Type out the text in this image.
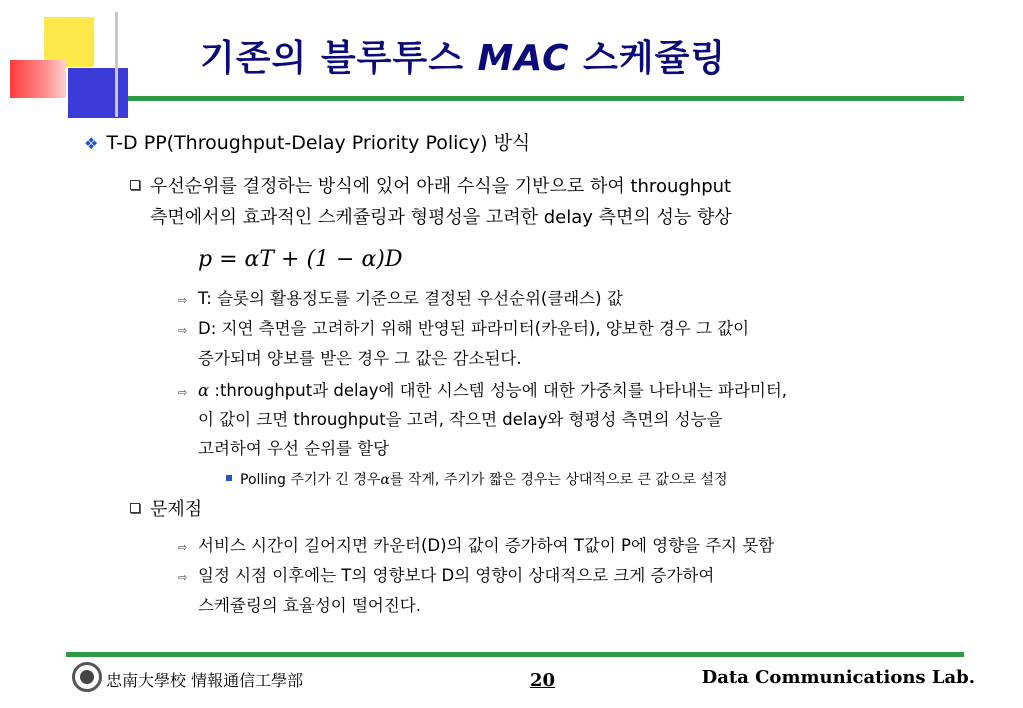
기존의 블루투스 MAC 스케쥴링
❖ T-D PP(Throughput-Delay Priority Policy) 방식
우선순위를 결정하는 방식에 있어 아래 수식을 기반으로 하여 throughput
측면에서의 효과적인 스케쥴링과 형평성을 고려한 delay 측면의 성능 향상
p = αT + (1 − α)D
⇨ T: 슬롯의 활용정도를 기준으로 결정된 우선순위(클래스) 값
⇨ D: 지연 측면을 고려하기 위해 반영된 파라미터(카운터), 양보한 경우 그 값이
증가되며 양보를 받은 경우 그 값은 감소된다.
⇨ α :throughput과 delay에 대한 시스템 성능에 대한 가중치를 나타내는 파라미터,
이 값이 크면 throughput을 고려, 작으면 delay와 형평성 측면의 성능을
고려하여 우선 순위를 할당
Polling 주기가 긴 경우α를 작게, 주기가 짧은 경우는 상대적으로 큰 값으로 설정
문제점
⇨ 서비스 시간이 길어지면 카운터(D)의 값이 증가하여 T값이 P에 영향을 주지 못함
⇨ 일정 시점 이후에는 T의 영향보다 D의 영향이 상대적으로 크게 증가하여
스케쥴링의 효율성이 떨어진다.
忠南大學校 情報通信工學部	20	Data Communications Lab.
